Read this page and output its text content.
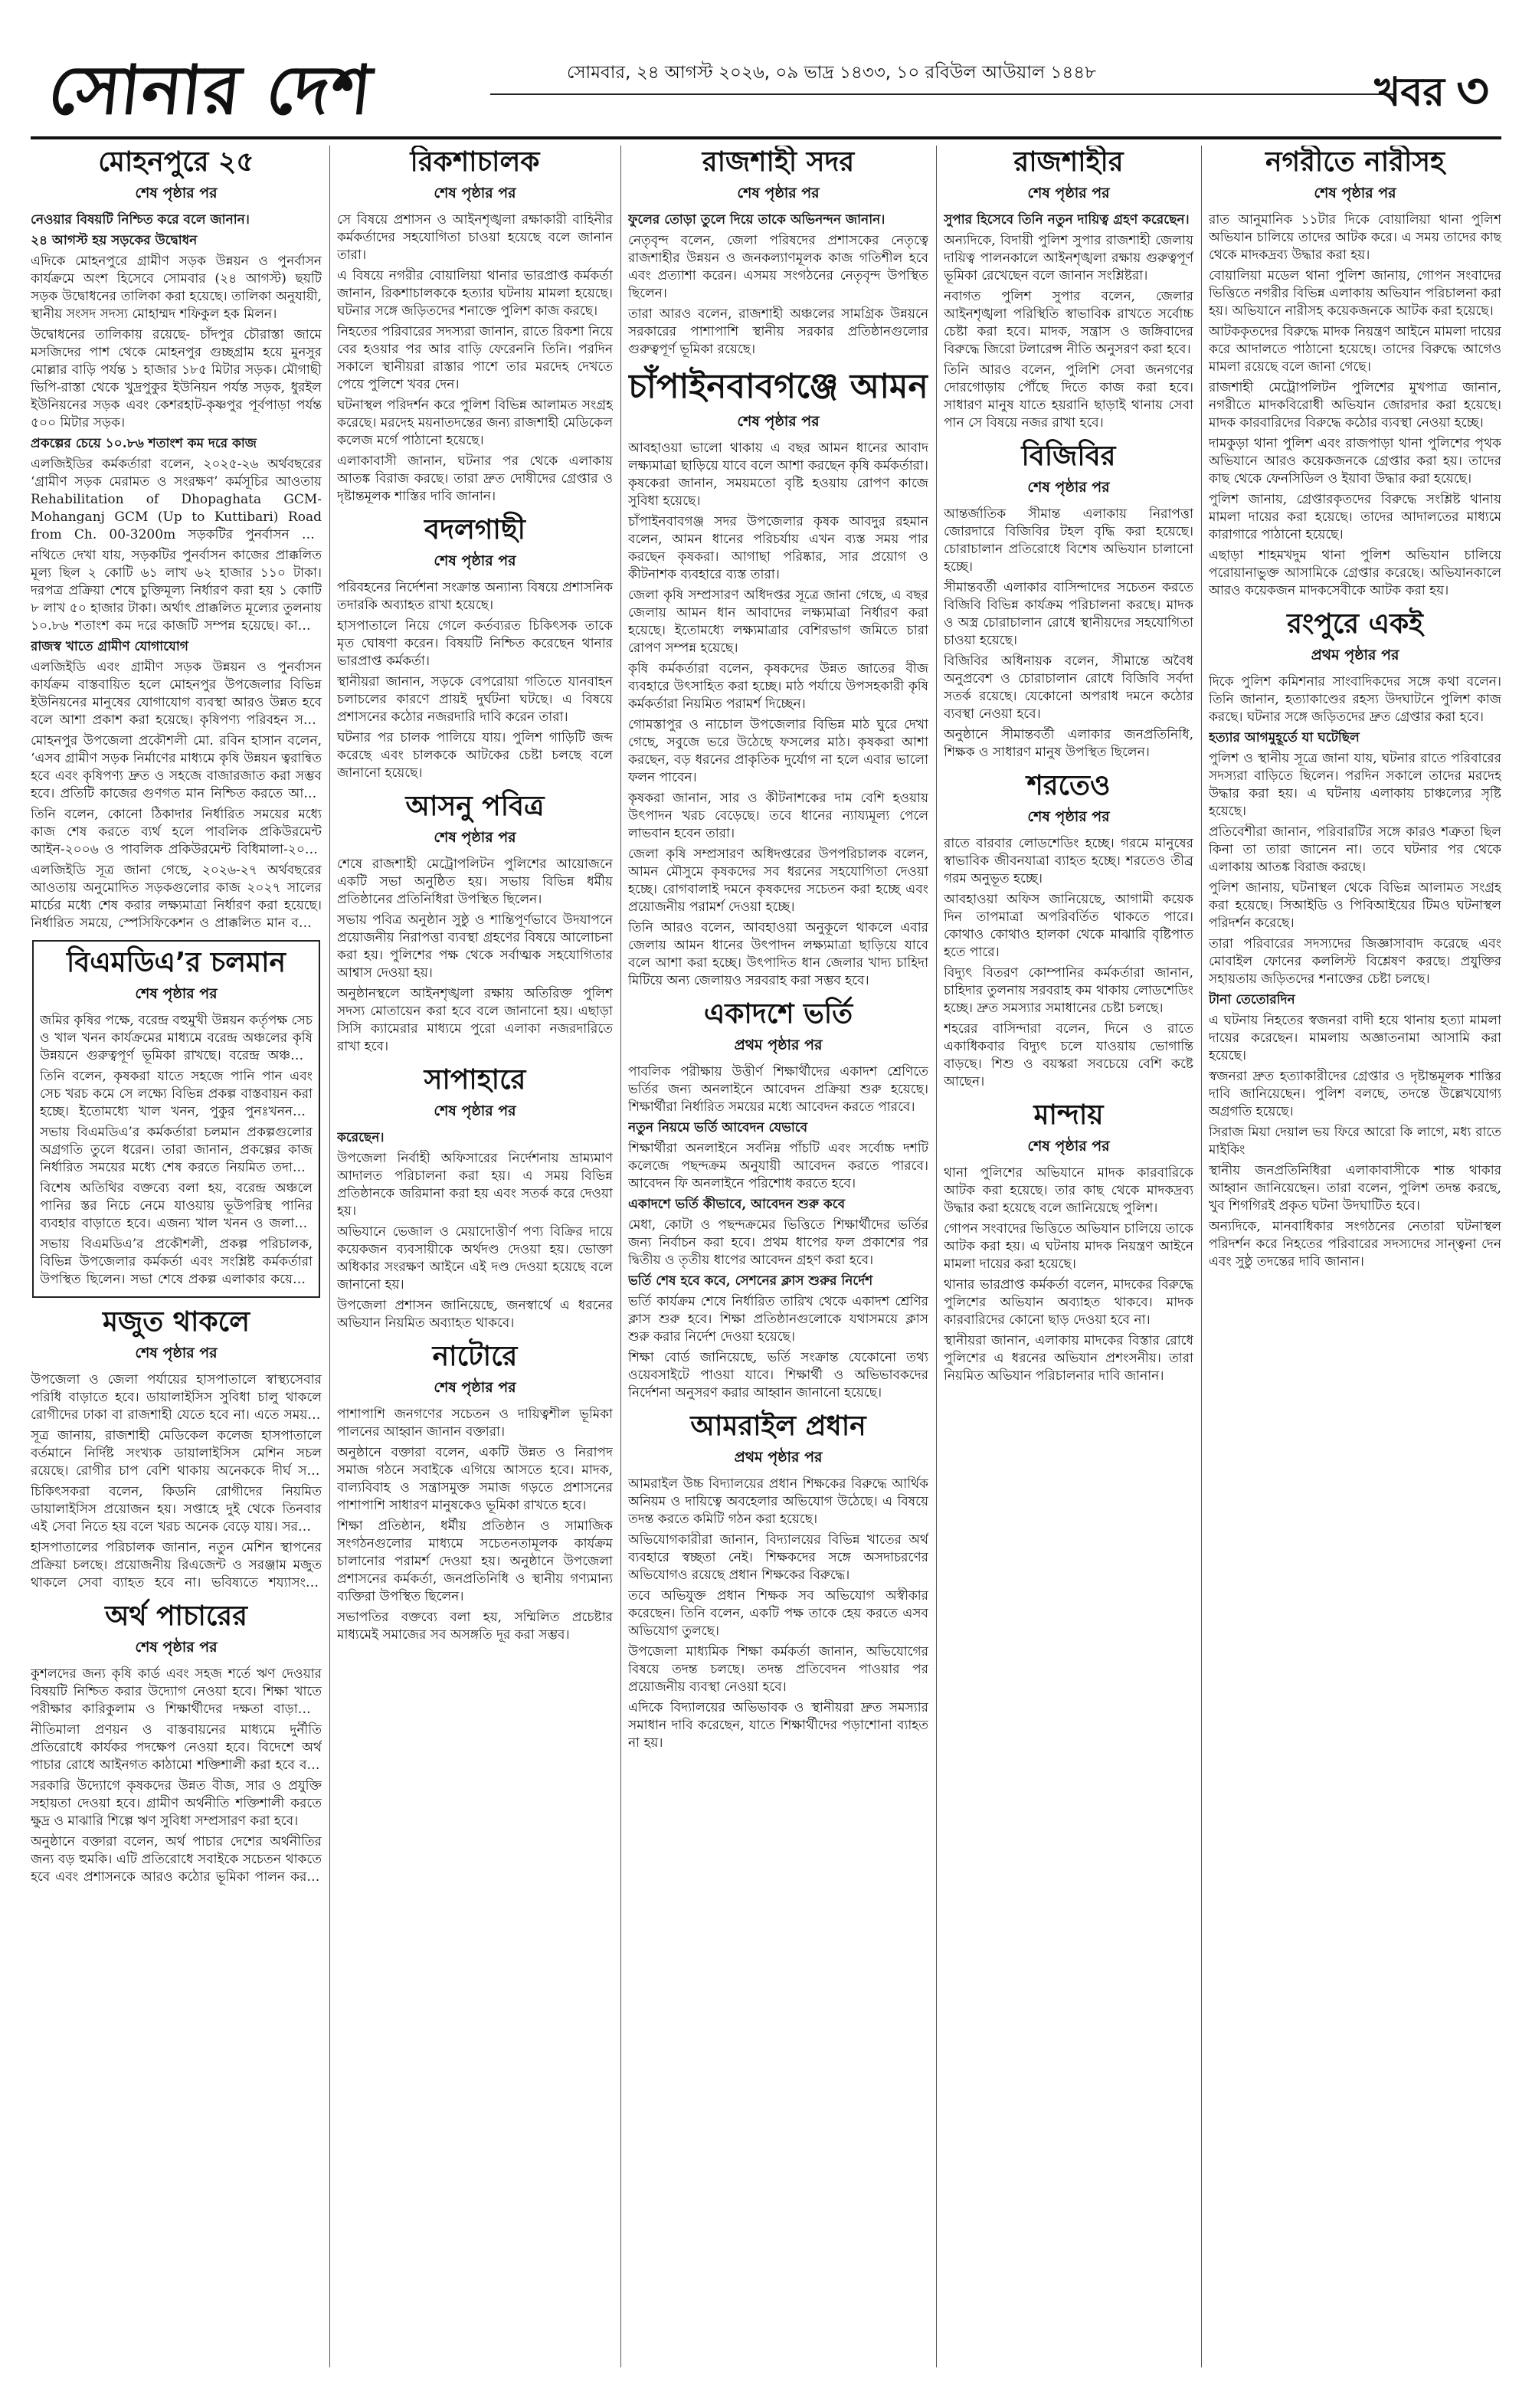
সোনার দেশ	সোমবার, ২৪ আগস্ট ২০২৬, ০৯ ভাদ্র ১৪৩৩, ১০ রবিউল আউয়াল ১৪৪৮	খবর ৩
মোহনপুরে ২৫
শেষ পৃষ্ঠার পর

নেওয়ার বিষয়টি নিশ্চিত করে বলে জানান।

২৪ আগস্ট হয় সড়কের উদ্বোধন

এদিকে মোহনপুরে গ্রামীণ সড়ক উন্নয়ন ও পুনর্বাসন কার্যক্রমে অংশ হিসেবে সোমবার (২৪ আগস্ট) ছয়টি সড়ক উদ্বোধনের তালিকা করা হয়েছে। তালিকা অনুযায়ী, স্থানীয় সংসদ সদস্য মোহাম্মদ শফিকুল হক মিলন।

উদ্বোধনের তালিকায় রয়েছে- চাঁদপুর চৌরাস্তা জামে মসজিদের পাশ থেকে মোহনপুর গুচ্ছগ্রাম হয়ে মুনসুর মোল্লার বাড়ি পর্যন্ত ১ হাজার ১৮৫ মিটার সড়ক। মৌগাছী ভিপি-রাস্তা থেকে খুদ্রপুকুর ইউনিয়ন পর্যন্ত সড়ক, ধুরইল ইউনিয়নের সড়ক এবং কেশরহাট-কৃষ্ণপুর পূর্বপাড়া পর্যন্ত ৫০০ মিটার সড়ক।

প্রকল্পের চেয়ে ১০.৮৬ শতাংশ কম দরে কাজ

এলজিইডির কর্মকর্তারা বলেন, ২০২৫-২৬ অর্থবছরের ‘গ্রামীণ সড়ক মেরামত ও সংরক্ষণ’ কর্মসূচির আওতায় Rehabilitation of Dhopaghata GCM-Mohanganj GCM (Up to Kuttibari) Road from Ch. 00-3200m সড়কটির পুনর্বাসন করা

নথিতে দেখা যায়, সড়কটির পুনর্বাসন কাজের প্রাক্কলিত মূল্য ছিল ২ কোটি ৬১ লাখ ৬২ হাজার ১১০ টাকা। দরপত্র প্রক্রিয়া শেষে চুক্তিমূল্য নির্ধারণ করা হয় ১ কোটি ৮ লাখ ৫০ হাজার টাকা। অর্থাৎ প্রাক্কলিত মূল্যের তুলনায় ১০.৮৬ শতাংশ কম দরে কাজটি সম্পন্ন হয়েছে। কাজের

রাজস্ব খাতে গ্রামীণ যোগাযোগ

এলজিইডি এবং গ্রামীণ সড়ক উন্নয়ন ও পুনর্বাসন কার্যক্রম বাস্তবায়িত হলে মোহনপুর উপজেলার বিভিন্ন ইউনিয়নের মানুষের যোগাযোগ ব্যবস্থা আরও উন্নত হবে বলে আশা প্রকাশ করা হয়েছে। কৃষিপণ্য পরিবহন সহজ

মোহনপুর উপজেলা প্রকৌশলী মো. রবিন হাসান বলেন, ‘এসব গ্রামীণ সড়ক নির্মাণের মাধ্যমে কৃষি উন্নয়ন ত্বরান্বিত হবে এবং কৃষিপণ্য দ্রুত ও সহজে বাজারজাত করা সম্ভব হবে। প্রতিটি কাজের গুণগত মান নিশ্চিত করতে আমরা

তিনি বলেন, কোনো ঠিকাদার নির্ধারিত সময়ের মধ্যে কাজ শেষ করতে ব্যর্থ হলে পাবলিক প্রকিউরমেন্ট আইন-২০০৬ ও পাবলিক প্রকিউরমেন্ট বিধিমালা-২০২৫

এলজিইডি সূত্র জানা গেছে, ২০২৬-২৭ অর্থবছরের আওতায় অনুমোদিত সড়কগুলোর কাজ ২০২৭ সালের মার্চের মধ্যে শেষ করার লক্ষ্যমাত্রা নির্ধারণ করা হয়েছে। নির্ধারিত সময়ে, স্পেসিফিকেশন ও প্রাক্কলিত মান বজায়

বিএমডিএ’র চলমান
শেষ পৃষ্ঠার পর

জমির কৃষির পক্ষে, বরেন্দ্র বহুমুখী উন্নয়ন কর্তৃপক্ষ সেচ ও খাল খনন কার্যক্রমের মাধ্যমে বরেন্দ্র অঞ্চলের কৃষি উন্নয়নে গুরুত্বপূর্ণ ভূমিকা রাখছে। বরেন্দ্র অঞ্চলের

তিনি বলেন, কৃষকরা যাতে সহজে পানি পান এবং সেচ খরচ কমে সে লক্ষ্যে বিভিন্ন প্রকল্প বাস্তবায়ন করা হচ্ছে। ইতোমধ্যে খাল খনন, পুকুর পুনঃখনন ও

সভায় বিএমডিএ’র কর্মকর্তারা চলমান প্রকল্পগুলোর অগ্রগতি তুলে ধরেন। তারা জানান, প্রকল্পের কাজ নির্ধারিত সময়ের মধ্যে শেষ করতে নিয়মিত তদারকি

বিশেষ অতিথির বক্তব্যে বলা হয়, বরেন্দ্র অঞ্চলে পানির স্তর নিচে নেমে যাওয়ায় ভূউপরিস্থ পানির ব্যবহার বাড়াতে হবে। এজন্য খাল খনন ও জলাধার

সভায় বিএমডিএ’র প্রকৌশলী, প্রকল্প পরিচালক, বিভিন্ন উপজেলার কর্মকর্তা এবং সংশ্লিষ্ট কর্মকর্তারা উপস্থিত ছিলেন। সভা শেষে প্রকল্প এলাকার কয়েকটি

মজুত থাকলে
শেষ পৃষ্ঠার পর

উপজেলা ও জেলা পর্যায়ের হাসপাতালে স্বাস্থ্যসেবার পরিধি বাড়াতে হবে। ডায়ালাইসিস সুবিধা চালু থাকলে রোগীদের ঢাকা বা রাজশাহী যেতে হবে না। এতে সময় ও

সূত্র জানায়, রাজশাহী মেডিকেল কলেজ হাসপাতালে বর্তমানে নির্দিষ্ট সংখ্যক ডায়ালাইসিস মেশিন সচল রয়েছে। রোগীর চাপ বেশি থাকায় অনেককে দীর্ঘ সময়

চিকিৎসকরা বলেন, কিডনি রোগীদের নিয়মিত ডায়ালাইসিস প্রয়োজন হয়। সপ্তাহে দুই থেকে তিনবার এই সেবা নিতে হয় বলে খরচ অনেক বেড়ে যায়। সরকারি

হাসপাতালের পরিচালক জানান, নতুন মেশিন স্থাপনের প্রক্রিয়া চলছে। প্রয়োজনীয় রিএজেন্ট ও সরঞ্জাম মজুত থাকলে সেবা ব্যাহত হবে না। ভবিষ্যতে শয্যাসংখ্যা

অর্থ পাচারের
শেষ পৃষ্ঠার পর

কুশলদের জন্য কৃষি কার্ড এবং সহজ শর্তে ঋণ দেওয়ার বিষয়টি নিশ্চিত করার উদ্যোগ নেওয়া হবে। শিক্ষা খাতে পরীক্ষার কারিকুলাম ও শিক্ষার্থীদের দক্ষতা বাড়ানোর

নীতিমালা প্রণয়ন ও বাস্তবায়নের মাধ্যমে দুর্নীতি প্রতিরোধে কার্যকর পদক্ষেপ নেওয়া হবে। বিদেশে অর্থ পাচার রোধে আইনগত কাঠামো শক্তিশালী করা হবে বলে

সরকারি উদ্যোগে কৃষকদের উন্নত বীজ, সার ও প্রযুক্তি সহায়তা দেওয়া হবে। গ্রামীণ অর্থনীতি শক্তিশালী করতে ক্ষুদ্র ও মাঝারি শিল্পে ঋণ সুবিধা সম্প্রসারণ করা হবে।

অনুষ্ঠানে বক্তারা বলেন, অর্থ পাচার দেশের অর্থনীতির জন্য বড় হুমকি। এটি প্রতিরোধে সবাইকে সচেতন থাকতে হবে এবং প্রশাসনকে আরও কঠোর ভূমিকা পালন করতে

রিকশাচালক
শেষ পৃষ্ঠার পর

সে বিষয়ে প্রশাসন ও আইনশৃঙ্খলা রক্ষাকারী বাহিনীর কর্মকর্তাদের সহযোগিতা চাওয়া হয়েছে বলে জানান তারা।

এ বিষয়ে নগরীর বোয়ালিয়া থানার ভারপ্রাপ্ত কর্মকর্তা জানান, রিকশাচালককে হত্যার ঘটনায় মামলা হয়েছে। ঘটনার সঙ্গে জড়িতদের শনাক্তে পুলিশ কাজ করছে।

নিহতের পরিবারের সদস্যরা জানান, রাতে রিকশা নিয়ে বের হওয়ার পর আর বাড়ি ফেরেননি তিনি। পরদিন সকালে স্থানীয়রা রাস্তার পাশে তার মরদেহ দেখতে পেয়ে পুলিশে খবর দেন।

ঘটনাস্থল পরিদর্শন করে পুলিশ বিভিন্ন আলামত সংগ্রহ করেছে। মরদেহ ময়নাতদন্তের জন্য রাজশাহী মেডিকেল কলেজ মর্গে পাঠানো হয়েছে।

এলাকাবাসী জানান, ঘটনার পর থেকে এলাকায় আতঙ্ক বিরাজ করছে। তারা দ্রুত দোষীদের গ্রেপ্তার ও দৃষ্টান্তমূলক শাস্তির দাবি জানান।

বদলগাছী
শেষ পৃষ্ঠার পর

পরিবহনের নির্দেশনা সংক্রান্ত অন্যান্য বিষয়ে প্রশাসনিক তদারকি অব্যাহত রাখা হয়েছে।

হাসপাতালে নিয়ে গেলে কর্তব্যরত চিকিৎসক তাকে মৃত ঘোষণা করেন। বিষয়টি নিশ্চিত করেছেন থানার ভারপ্রাপ্ত কর্মকর্তা।

স্থানীয়রা জানান, সড়কে বেপরোয়া গতিতে যানবাহন চলাচলের কারণে প্রায়ই দুর্ঘটনা ঘটছে। এ বিষয়ে প্রশাসনের কঠোর নজরদারি দাবি করেন তারা।

ঘটনার পর চালক পালিয়ে যায়। পুলিশ গাড়িটি জব্দ করেছে এবং চালককে আটকের চেষ্টা চলছে বলে জানানো হয়েছে।

আসনু পবিত্র
শেষ পৃষ্ঠার পর

শেষে রাজশাহী মেট্রোপলিটন পুলিশের আয়োজনে একটি সভা অনুষ্ঠিত হয়। সভায় বিভিন্ন ধর্মীয় প্রতিষ্ঠানের প্রতিনিধিরা উপস্থিত ছিলেন।

সভায় পবিত্র অনুষ্ঠান সুষ্ঠু ও শান্তিপূর্ণভাবে উদযাপনে প্রয়োজনীয় নিরাপত্তা ব্যবস্থা গ্রহণের বিষয়ে আলোচনা করা হয়। পুলিশের পক্ষ থেকে সর্বাত্মক সহযোগিতার আশ্বাস দেওয়া হয়।

অনুষ্ঠানস্থলে আইনশৃঙ্খলা রক্ষায় অতিরিক্ত পুলিশ সদস্য মোতায়েন করা হবে বলে জানানো হয়। এছাড়া সিসি ক্যামেরার মাধ্যমে পুরো এলাকা নজরদারিতে রাখা হবে।

সাপাহারে
শেষ পৃষ্ঠার পর

করেছেন।

উপজেলা নির্বাহী অফিসারের নির্দেশনায় ভ্রাম্যমাণ আদালত পরিচালনা করা হয়। এ সময় বিভিন্ন প্রতিষ্ঠানকে জরিমানা করা হয় এবং সতর্ক করে দেওয়া হয়।

অভিযানে ভেজাল ও মেয়াদোত্তীর্ণ পণ্য বিক্রির দায়ে কয়েকজন ব্যবসায়ীকে অর্থদণ্ড দেওয়া হয়। ভোক্তা অধিকার সংরক্ষণ আইনে এই দণ্ড দেওয়া হয়েছে বলে জানানো হয়।

উপজেলা প্রশাসন জানিয়েছে, জনস্বার্থে এ ধরনের অভিযান নিয়মিত অব্যাহত থাকবে।

নাটোরে
শেষ পৃষ্ঠার পর

পাশাপাশি জনগণের সচেতন ও দায়িত্বশীল ভূমিকা পালনের আহ্বান জানান বক্তারা।

অনুষ্ঠানে বক্তারা বলেন, একটি উন্নত ও নিরাপদ সমাজ গঠনে সবাইকে এগিয়ে আসতে হবে। মাদক, বাল্যবিবাহ ও সন্ত্রাসমুক্ত সমাজ গড়তে প্রশাসনের পাশাপাশি সাধারণ মানুষকেও ভূমিকা রাখতে হবে।

শিক্ষা প্রতিষ্ঠান, ধর্মীয় প্রতিষ্ঠান ও সামাজিক সংগঠনগুলোর মাধ্যমে সচেতনতামূলক কার্যক্রম চালানোর পরামর্শ দেওয়া হয়। অনুষ্ঠানে উপজেলা প্রশাসনের কর্মকর্তা, জনপ্রতিনিধি ও স্থানীয় গণ্যমান্য ব্যক্তিরা উপস্থিত ছিলেন।

সভাপতির বক্তব্যে বলা হয়, সম্মিলিত প্রচেষ্টার মাধ্যমেই সমাজের সব অসঙ্গতি দূর করা সম্ভব।

রাজশাহী সদর
শেষ পৃষ্ঠার পর

ফুলের তোড়া তুলে দিয়ে তাকে অভিনন্দন জানান।

নেতৃবৃন্দ বলেন, জেলা পরিষদের প্রশাসকের নেতৃত্বে রাজশাহীর উন্নয়ন ও জনকল্যাণমূলক কাজ গতিশীল হবে এবং প্রত্যাশা করেন। এসময় সংগঠনের নেতৃবৃন্দ উপস্থিত ছিলেন।

তারা আরও বলেন, রাজশাহী অঞ্চলের সামগ্রিক উন্নয়নে সরকারের পাশাপাশি স্থানীয় সরকার প্রতিষ্ঠানগুলোর গুরুত্বপূর্ণ ভূমিকা রয়েছে।

চাঁপাইনবাবগঞ্জে আমন
শেষ পৃষ্ঠার পর

আবহাওয়া ভালো থাকায় এ বছর আমন ধানের আবাদ লক্ষ্যমাত্রা ছাড়িয়ে যাবে বলে আশা করছেন কৃষি কর্মকর্তারা। কৃষকেরা জানান, সময়মতো বৃষ্টি হওয়ায় রোপণ কাজে সুবিধা হয়েছে।

চাঁপাইনবাবগঞ্জ সদর উপজেলার কৃষক আবদুর রহমান বলেন, আমন ধানের পরিচর্যায় এখন ব্যস্ত সময় পার করছেন কৃষকরা। আগাছা পরিষ্কার, সার প্রয়োগ ও কীটনাশক ব্যবহারে ব্যস্ত তারা।

জেলা কৃষি সম্প্রসারণ অধিদপ্তর সূত্রে জানা গেছে, এ বছর জেলায় আমন ধান আবাদের লক্ষ্যমাত্রা নির্ধারণ করা হয়েছে। ইতোমধ্যে লক্ষ্যমাত্রার বেশিরভাগ জমিতে চারা রোপণ সম্পন্ন হয়েছে।

কৃষি কর্মকর্তারা বলেন, কৃষকদের উন্নত জাতের বীজ ব্যবহারে উৎসাহিত করা হচ্ছে। মাঠ পর্যায়ে উপসহকারী কৃষি কর্মকর্তারা নিয়মিত পরামর্শ দিচ্ছেন।

গোমস্তাপুর ও নাচোল উপজেলার বিভিন্ন মাঠ ঘুরে দেখা গেছে, সবুজে ভরে উঠেছে ফসলের মাঠ। কৃষকরা আশা করছেন, বড় ধরনের প্রাকৃতিক দুর্যোগ না হলে এবার ভালো ফলন পাবেন।

কৃষকরা জানান, সার ও কীটনাশকের দাম বেশি হওয়ায় উৎপাদন খরচ বেড়েছে। তবে ধানের ন্যায্যমূল্য পেলে লাভবান হবেন তারা।

জেলা কৃষি সম্প্রসারণ অধিদপ্তরের উপপরিচালক বলেন, আমন মৌসুমে কৃষকদের সব ধরনের সহযোগিতা দেওয়া হচ্ছে। রোগবালাই দমনে কৃষকদের সচেতন করা হচ্ছে এবং প্রয়োজনীয় পরামর্শ দেওয়া হচ্ছে।

তিনি আরও বলেন, আবহাওয়া অনুকূলে থাকলে এবার জেলায় আমন ধানের উৎপাদন লক্ষ্যমাত্রা ছাড়িয়ে যাবে বলে আশা করা হচ্ছে। উৎপাদিত ধান জেলার খাদ্য চাহিদা মিটিয়ে অন্য জেলায়ও সরবরাহ করা সম্ভব হবে।

একাদশে ভর্তি
প্রথম পৃষ্ঠার পর

পাবলিক পরীক্ষায় উত্তীর্ণ শিক্ষার্থীদের একাদশ শ্রেণিতে ভর্তির জন্য অনলাইনে আবেদন প্রক্রিয়া শুরু হয়েছে। শিক্ষার্থীরা নির্ধারিত সময়ের মধ্যে আবেদন করতে পারবে।

নতুন নিয়মে ভর্তি আবেদন যেভাবে

শিক্ষার্থীরা অনলাইনে সর্বনিম্ন পাঁচটি এবং সর্বোচ্চ দশটি কলেজে পছন্দক্রম অনুযায়ী আবেদন করতে পারবে। আবেদন ফি অনলাইনে পরিশোধ করতে হবে।

একাদশে ভর্তি কীভাবে, আবেদন শুরু কবে

মেধা, কোটা ও পছন্দক্রমের ভিত্তিতে শিক্ষার্থীদের ভর্তির জন্য নির্বাচন করা হবে। প্রথম ধাপের ফল প্রকাশের পর দ্বিতীয় ও তৃতীয় ধাপের আবেদন গ্রহণ করা হবে।

ভর্তি শেষ হবে কবে, সেশনের ক্লাস শুরুর নির্দেশ

ভর্তি কার্যক্রম শেষে নির্ধারিত তারিখ থেকে একাদশ শ্রেণির ক্লাস শুরু হবে। শিক্ষা প্রতিষ্ঠানগুলোকে যথাসময়ে ক্লাস শুরু করার নির্দেশ দেওয়া হয়েছে।

শিক্ষা বোর্ড জানিয়েছে, ভর্তি সংক্রান্ত যেকোনো তথ্য ওয়েবসাইটে পাওয়া যাবে। শিক্ষার্থী ও অভিভাবকদের নির্দেশনা অনুসরণ করার আহ্বান জানানো হয়েছে।

আমরাইল প্রধান
প্রথম পৃষ্ঠার পর

আমরাইল উচ্চ বিদ্যালয়ের প্রধান শিক্ষকের বিরুদ্ধে আর্থিক অনিয়ম ও দায়িত্বে অবহেলার অভিযোগ উঠেছে। এ বিষয়ে তদন্ত করতে কমিটি গঠন করা হয়েছে।

অভিযোগকারীরা জানান, বিদ্যালয়ের বিভিন্ন খাতের অর্থ ব্যবহারে স্বচ্ছতা নেই। শিক্ষকদের সঙ্গে অসদাচরণের অভিযোগও রয়েছে প্রধান শিক্ষকের বিরুদ্ধে।

তবে অভিযুক্ত প্রধান শিক্ষক সব অভিযোগ অস্বীকার করেছেন। তিনি বলেন, একটি পক্ষ তাকে হেয় করতে এসব অভিযোগ তুলছে।

উপজেলা মাধ্যমিক শিক্ষা কর্মকর্তা জানান, অভিযোগের বিষয়ে তদন্ত চলছে। তদন্ত প্রতিবেদন পাওয়ার পর প্রয়োজনীয় ব্যবস্থা নেওয়া হবে।

এদিকে বিদ্যালয়ের অভিভাবক ও স্থানীয়রা দ্রুত সমস্যার সমাধান দাবি করেছেন, যাতে শিক্ষার্থীদের পড়াশোনা ব্যাহত না হয়।

রাজশাহীর
শেষ পৃষ্ঠার পর

সুপার হিসেবে তিনি নতুন দায়িত্ব গ্রহণ করেছেন।

অন্যদিকে, বিদায়ী পুলিশ সুপার রাজশাহী জেলায় দায়িত্ব পালনকালে আইনশৃঙ্খলা রক্ষায় গুরুত্বপূর্ণ ভূমিকা রেখেছেন বলে জানান সংশ্লিষ্টরা।

নবাগত পুলিশ সুপার বলেন, জেলার আইনশৃঙ্খলা পরিস্থিতি স্বাভাবিক রাখতে সর্বোচ্চ চেষ্টা করা হবে। মাদক, সন্ত্রাস ও জঙ্গিবাদের বিরুদ্ধে জিরো টলারেন্স নীতি অনুসরণ করা হবে।

তিনি আরও বলেন, পুলিশি সেবা জনগণের দোরগোড়ায় পৌঁছে দিতে কাজ করা হবে। সাধারণ মানুষ যাতে হয়রানি ছাড়াই থানায় সেবা পান সে বিষয়ে নজর রাখা হবে।

বিজিবির
শেষ পৃষ্ঠার পর

আন্তর্জাতিক সীমান্ত এলাকায় নিরাপত্তা জোরদারে বিজিবির টহল বৃদ্ধি করা হয়েছে। চোরাচালান প্রতিরোধে বিশেষ অভিযান চালানো হচ্ছে।

সীমান্তবর্তী এলাকার বাসিন্দাদের সচেতন করতে বিজিবি বিভিন্ন কার্যক্রম পরিচালনা করছে। মাদক ও অস্ত্র চোরাচালান রোধে স্থানীয়দের সহযোগিতা চাওয়া হয়েছে।

বিজিবির অধিনায়ক বলেন, সীমান্তে অবৈধ অনুপ্রবেশ ও চোরাচালান রোধে বিজিবি সর্বদা সতর্ক রয়েছে। যেকোনো অপরাধ দমনে কঠোর ব্যবস্থা নেওয়া হবে।

অনুষ্ঠানে সীমান্তবর্তী এলাকার জনপ্রতিনিধি, শিক্ষক ও সাধারণ মানুষ উপস্থিত ছিলেন।

শরতেও
শেষ পৃষ্ঠার পর

রাতে বারবার লোডশেডিং হচ্ছে। গরমে মানুষের স্বাভাবিক জীবনযাত্রা ব্যাহত হচ্ছে। শরতেও তীব্র গরম অনুভূত হচ্ছে।

আবহাওয়া অফিস জানিয়েছে, আগামী কয়েক দিন তাপমাত্রা অপরিবর্তিত থাকতে পারে। কোথাও কোথাও হালকা থেকে মাঝারি বৃষ্টিপাত হতে পারে।

বিদ্যুৎ বিতরণ কোম্পানির কর্মকর্তারা জানান, চাহিদার তুলনায় সরবরাহ কম থাকায় লোডশেডিং হচ্ছে। দ্রুত সমস্যার সমাধানের চেষ্টা চলছে।

শহরের বাসিন্দারা বলেন, দিনে ও রাতে একাধিকবার বিদ্যুৎ চলে যাওয়ায় ভোগান্তি বাড়ছে। শিশু ও বয়স্করা সবচেয়ে বেশি কষ্টে আছেন।

মান্দায়
শেষ পৃষ্ঠার পর

থানা পুলিশের অভিযানে মাদক কারবারিকে আটক করা হয়েছে। তার কাছ থেকে মাদকদ্রব্য উদ্ধার করা হয়েছে বলে জানিয়েছে পুলিশ।

গোপন সংবাদের ভিত্তিতে অভিযান চালিয়ে তাকে আটক করা হয়। এ ঘটনায় মাদক নিয়ন্ত্রণ আইনে মামলা দায়ের করা হয়েছে।

থানার ভারপ্রাপ্ত কর্মকর্তা বলেন, মাদকের বিরুদ্ধে পুলিশের অভিযান অব্যাহত থাকবে। মাদক কারবারিদের কোনো ছাড় দেওয়া হবে না।

স্থানীয়রা জানান, এলাকায় মাদকের বিস্তার রোধে পুলিশের এ ধরনের অভিযান প্রশংসনীয়। তারা নিয়মিত অভিযান পরিচালনার দাবি জানান।

নগরীতে নারীসহ
শেষ পৃষ্ঠার পর

রাত আনুমানিক ১১টার দিকে বোয়ালিয়া থানা পুলিশ অভিযান চালিয়ে তাদের আটক করে। এ সময় তাদের কাছ থেকে মাদকদ্রব্য উদ্ধার করা হয়।

বোয়ালিয়া মডেল থানা পুলিশ জানায়, গোপন সংবাদের ভিত্তিতে নগরীর বিভিন্ন এলাকায় অভিযান পরিচালনা করা হয়। অভিযানে নারীসহ কয়েকজনকে আটক করা হয়েছে।

আটককৃতদের বিরুদ্ধে মাদক নিয়ন্ত্রণ আইনে মামলা দায়ের করে আদালতে পাঠানো হয়েছে। তাদের বিরুদ্ধে আগেও মামলা রয়েছে বলে জানা গেছে।

রাজশাহী মেট্রোপলিটন পুলিশের মুখপাত্র জানান, নগরীতে মাদকবিরোধী অভিযান জোরদার করা হয়েছে। মাদক কারবারিদের বিরুদ্ধে কঠোর ব্যবস্থা নেওয়া হচ্ছে।

দামকুড়া থানা পুলিশ এবং রাজপাড়া থানা পুলিশের পৃথক অভিযানে আরও কয়েকজনকে গ্রেপ্তার করা হয়। তাদের কাছ থেকে ফেনসিডিল ও ইয়াবা উদ্ধার করা হয়েছে।

পুলিশ জানায়, গ্রেপ্তারকৃতদের বিরুদ্ধে সংশ্লিষ্ট থানায় মামলা দায়ের করা হয়েছে। তাদের আদালতের মাধ্যমে কারাগারে পাঠানো হয়েছে।

এছাড়া শাহমখদুম থানা পুলিশ অভিযান চালিয়ে পরোয়ানাভুক্ত আসামিকে গ্রেপ্তার করেছে। অভিযানকালে আরও কয়েকজন মাদকসেবীকে আটক করা হয়।

রংপুরে একই
প্রথম পৃষ্ঠার পর

দিকে পুলিশ কমিশনার সাংবাদিকদের সঙ্গে কথা বলেন। তিনি জানান, হত্যাকাণ্ডের রহস্য উদঘাটনে পুলিশ কাজ করছে। ঘটনার সঙ্গে জড়িতদের দ্রুত গ্রেপ্তার করা হবে।

হত্যার আগমুহূর্তে যা ঘটেছিল

পুলিশ ও স্থানীয় সূত্রে জানা যায়, ঘটনার রাতে পরিবারের সদস্যরা বাড়িতে ছিলেন। পরদিন সকালে তাদের মরদেহ উদ্ধার করা হয়। এ ঘটনায় এলাকায় চাঞ্চল্যের সৃষ্টি হয়েছে।

প্রতিবেশীরা জানান, পরিবারটির সঙ্গে কারও শত্রুতা ছিল কিনা তা তারা জানেন না। তবে ঘটনার পর থেকে এলাকায় আতঙ্ক বিরাজ করছে।

পুলিশ জানায়, ঘটনাস্থল থেকে বিভিন্ন আলামত সংগ্রহ করা হয়েছে। সিআইডি ও পিবিআইয়ের টিমও ঘটনাস্থল পরিদর্শন করেছে।

তারা পরিবারের সদস্যদের জিজ্ঞাসাবাদ করেছে এবং মোবাইল ফোনের কললিস্ট বিশ্লেষণ করছে। প্রযুক্তির সহায়তায় জড়িতদের শনাক্তের চেষ্টা চলছে।

টানা তেতোরদিন

এ ঘটনায় নিহতের স্বজনরা বাদী হয়ে থানায় হত্যা মামলা দায়ের করেছেন। মামলায় অজ্ঞাতনামা আসামি করা হয়েছে।

স্বজনরা দ্রুত হত্যাকারীদের গ্রেপ্তার ও দৃষ্টান্তমূলক শাস্তির দাবি জানিয়েছেন। পুলিশ বলছে, তদন্তে উল্লেখযোগ্য অগ্রগতি হয়েছে।

সিরাজ মিয়া দেয়াল ভয় ফিরে আরো কি লাগে, মধ্য রাতে মাইকিং

স্থানীয় জনপ্রতিনিধিরা এলাকাবাসীকে শান্ত থাকার আহ্বান জানিয়েছেন। তারা বলেন, পুলিশ তদন্ত করছে, খুব শিগগিরই প্রকৃত ঘটনা উদঘাটিত হবে।

অন্যদিকে, মানবাধিকার সংগঠনের নেতারা ঘটনাস্থল পরিদর্শন করে নিহতের পরিবারের সদস্যদের সান্ত্বনা দেন এবং সুষ্ঠু তদন্তের দাবি জানান।
